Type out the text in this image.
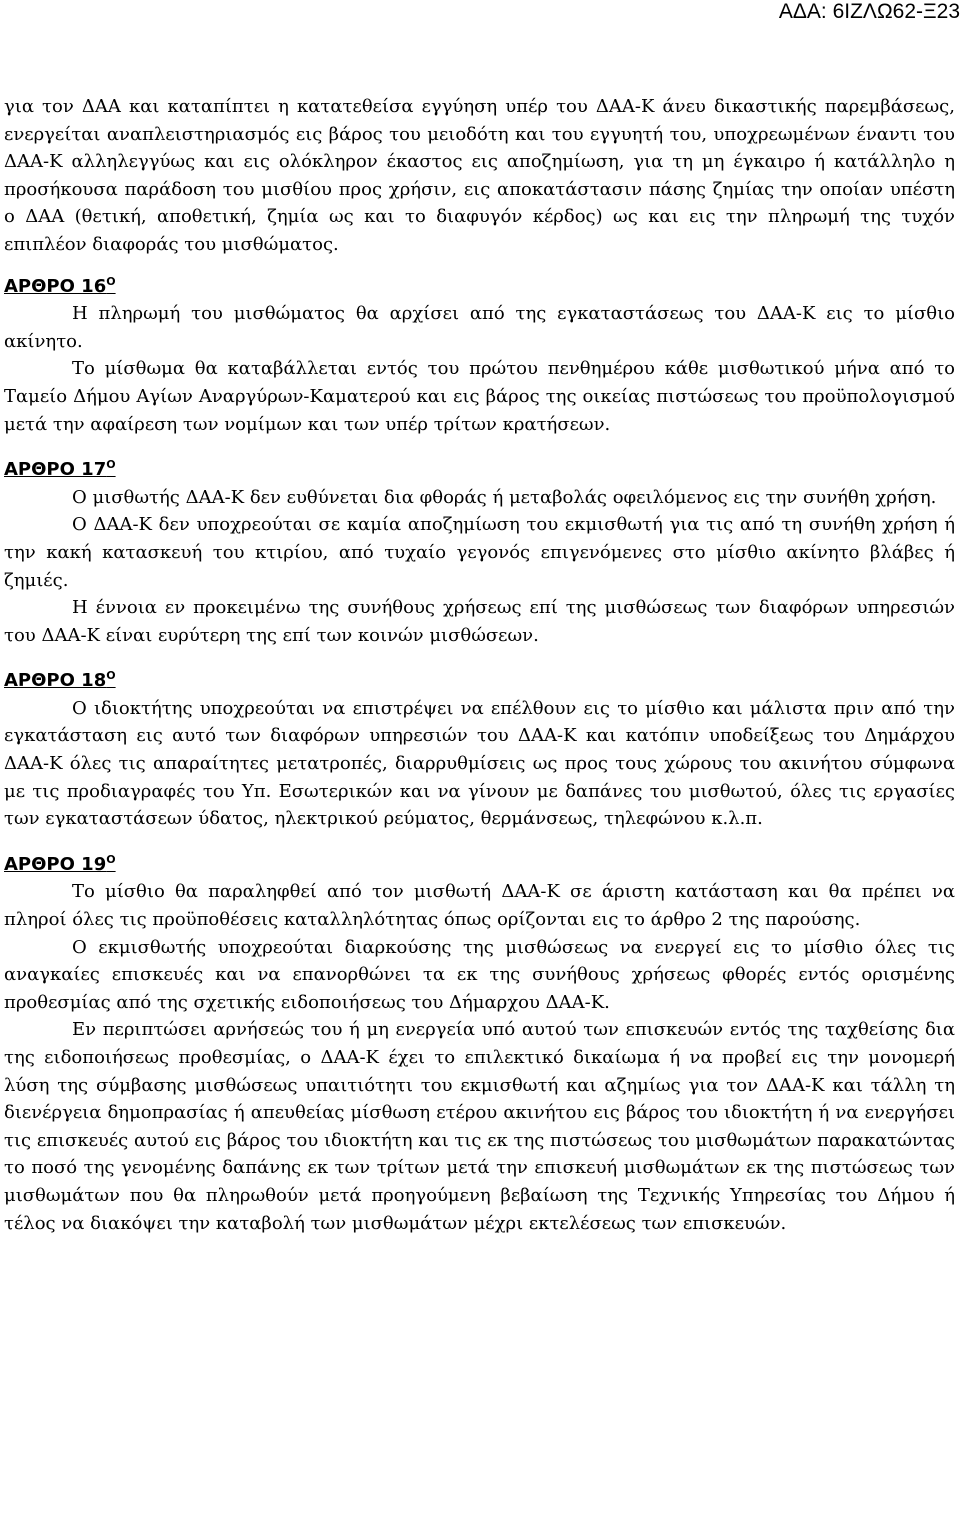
ΑΔΑ: 6ΙΖΛΩ62-Ξ23

για τον ΔΑΑ και καταπίπτει η κατατεθείσα εγγύηση υπέρ του ΔΑΑ-Κ άνευ δικαστικής παρεμβάσεως, ενεργείται αναπλειστηριασμός εις βάρος του μειοδότη και του εγγυητή του, υποχρεωμένων έναντι του ΔΑΑ-Κ αλληλεγγύως και εις ολόκληρον έκαστος εις αποζημίωση, για τη μη έγκαιρο ή κατάλληλο η προσήκουσα παράδοση του μισθίου προς χρήσιν, εις αποκατάστασιν πάσης ζημίας την οποίαν υπέστη ο ΔΑΑ (θετική, αποθετική, ζημία ως και το διαφυγόν κέρδος) ως και εις την πληρωμή της τυχόν επιπλέον διαφοράς του μισθώματος.

ΑΡΘΡΟ $16^O$

Η πληρωμή του μισθώματος θα αρχίσει από της εγκαταστάσεως του ΔΑΑ-Κ εις το μίσθιο ακίνητο.

Το μίσθωμα θα καταβάλλεται εντός του πρώτου πενθημέρου κάθε μισθωτικού μήνα από το Ταμείο Δήμου Αγίων Αναργύρων-Καματερού και εις βάρος της οικείας πιστώσεως του προϋπολογισμού μετά την αφαίρεση των νομίμων και των υπέρ τρίτων κρατήσεων.

ΑΡΘΡΟ $17^O$

Ο μισθωτής ΔΑΑ-Κ δεν ευθύνεται δια φθοράς ή μεταβολάς οφειλόμενος εις την συνήθη χρήση.

Ο ΔΑΑ-Κ δεν υποχρεούται σε καμία αποζημίωση του εκμισθωτή για τις από τη συνήθη χρήση ή την κακή κατασκευή του κτιρίου, από τυχαίο γεγονός επιγενόμενες στο μίσθιο ακίνητο βλάβες ή ζημιές.

Η έννοια εν προκειμένω της συνήθους χρήσεως επί της μισθώσεως των διαφόρων υπηρεσιών του ΔΑΑ-Κ είναι ευρύτερη της επί των κοινών μισθώσεων.

ΑΡΘΡΟ $18^O$

Ο ιδιοκτήτης υποχρεούται να επιστρέψει να επέλθουν εις το μίσθιο και μάλιστα πριν από την εγκατάσταση εις αυτό των διαφόρων υπηρεσιών του ΔΑΑ-Κ και κατόπιν υποδείξεως του Δημάρχου ΔΑΑ-Κ όλες τις απαραίτητες μετατροπές, διαρρυθμίσεις ως προς τους χώρους του ακινήτου σύμφωνα με τις προδιαγραφές του Υπ. Εσωτερικών και να γίνουν με δαπάνες του μισθωτού, όλες τις εργασίες των εγκαταστάσεων ύδατος, ηλεκτρικού ρεύματος, θερμάνσεως, τηλεφώνου κ.λ.π.

ΑΡΘΡΟ $19^O$

Το μίσθιο θα παραληφθεί από τον μισθωτή ΔΑΑ-Κ σε άριστη κατάσταση και θα πρέπει να πληροί όλες τις προϋποθέσεις καταλληλότητας όπως ορίζονται εις το άρθρο 2 της παρούσης.

Ο εκμισθωτής υποχρεούται διαρκούσης της μισθώσεως να ενεργεί εις το μίσθιο όλες τις αναγκαίες επισκευές και να επανορθώνει τα εκ της συνήθους χρήσεως φθορές εντός ορισμένης προθεσμίας από της σχετικής ειδοποιήσεως του Δήμαρχου ΔΑΑ-Κ.

Εν περιπτώσει αρνήσεώς του ή μη ενεργεία υπό αυτού των επισκευών εντός της ταχθείσης δια της ειδοποιήσεως προθεσμίας, ο ΔΑΑ-Κ έχει το επιλεκτικό δικαίωμα ή να προβεί εις την μονομερή λύση της σύμβασης μισθώσεως υπαιτιότητι του εκμισθωτή και αζημίως για τον ΔΑΑ-Κ και τάλλη τη διενέργεια δημοπρασίας ή απευθείας μίσθωση ετέρου ακινήτου εις βάρος του ιδιοκτήτη ή να ενεργήσει τις επισκευές αυτού εις βάρος του ιδιοκτήτη και τις εκ της πιστώσεως του μισθωμάτων παρακατώντας το ποσό της γενομένης δαπάνης εκ των τρίτων μετά την επισκευή μισθωμάτων εκ της πιστώσεως των μισθωμάτων που θα πληρωθούν μετά προηγούμενη βεβαίωση της Τεχνικής Υπηρεσίας του Δήμου ή τέλος να διακόψει την καταβολή των μισθωμάτων μέχρι εκτελέσεως των επισκευών.
